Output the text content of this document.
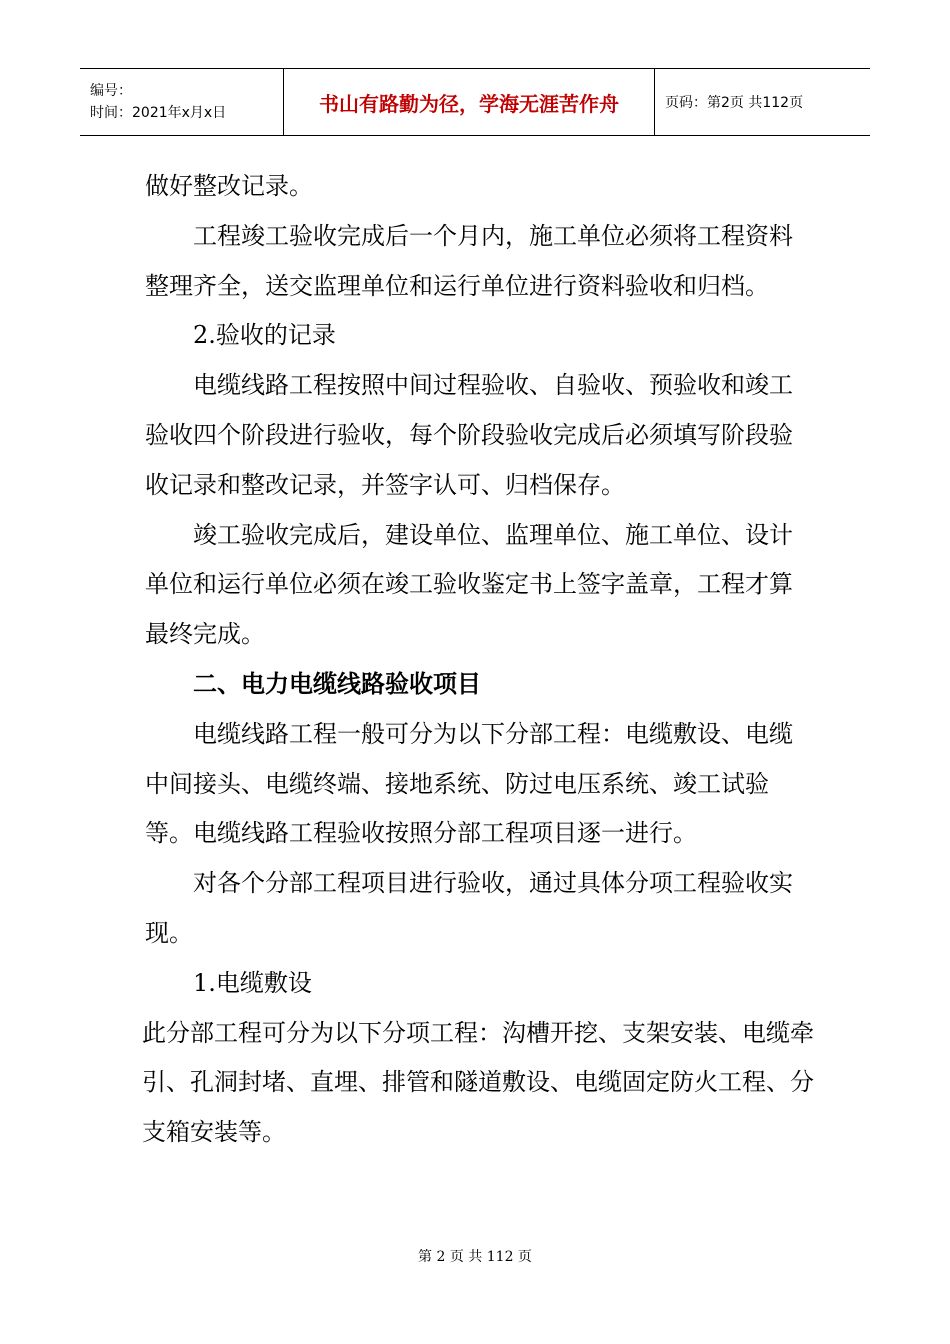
编号：
时间：2021年x月x日	书山有路勤为径，学海无涯苦作舟	页码：第2页 共112页

做好整改记录。

工程竣工验收完成后一个月内，施工单位必须将工程资料整理齐全，送交监理单位和运行单位进行资料验收和归档。

2.验收的记录

电缆线路工程按照中间过程验收、自验收、预验收和竣工验收四个阶段进行验收，每个阶段验收完成后必须填写阶段验收记录和整改记录，并签字认可、归档保存。

竣工验收完成后，建设单位、监理单位、施工单位、设计单位和运行单位必须在竣工验收鉴定书上签字盖章，工程才算最终完成。

二、电力电缆线路验收项目

电缆线路工程一般可分为以下分部工程：电缆敷设、电缆中间接头、电缆终端、接地系统、防过电压系统、竣工试验等。电缆线路工程验收按照分部工程项目逐一进行。

对各个分部工程项目进行验收，通过具体分项工程验收实现。

1.电缆敷设

此分部工程可分为以下分项工程：沟槽开挖、支架安装、电缆牵引、孔洞封堵、直埋、排管和隧道敷设、电缆固定防火工程、分支箱安装等。

第 2 页 共 112 页
